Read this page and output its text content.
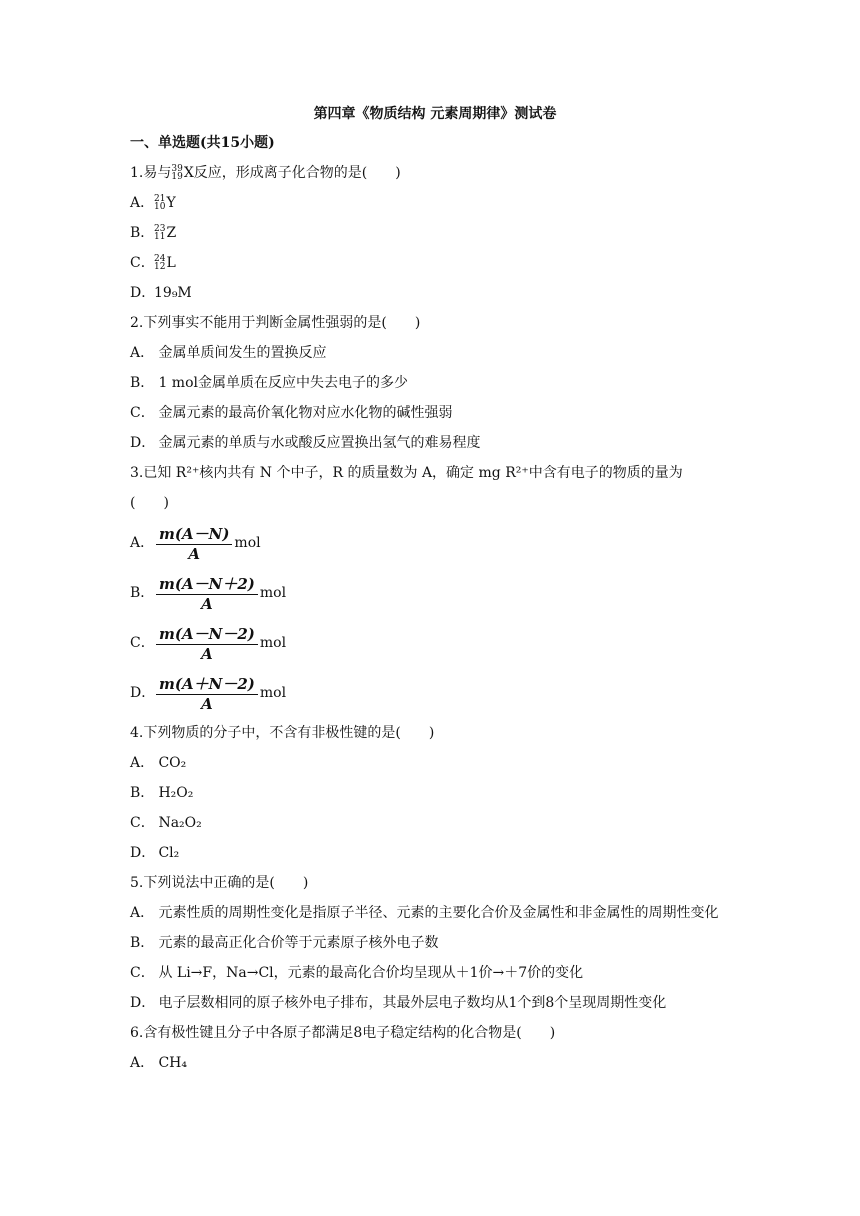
第四章《物质结构 元素周期律》测试卷
一、单选题(共15小题)
1.易与 39
19 X反应，形成离子化合物的是(　　)
A． 21
10 Y
B． 23
11 Z
C． 24
12 L
D．19₉M
2.下列事实不能用于判断金属性强弱的是(　　)
A． 金属单质间发生的置换反应
B． 1 mol金属单质在反应中失去电子的多少
C． 金属元素的最高价氧化物对应水化物的碱性强弱
D． 金属元素的单质与水或酸反应置换出氢气的难易程度
3.已知 R²⁺核内共有 N 个中子，R 的质量数为 A，确定 mg R²⁺中含有电子的物质的量为
(　　)
A． $\frac{m(A-N)}{A}$ mol
B． $\frac{m(A-N+2)}{A}$ mol
C． $\frac{m(A-N-2)}{A}$ mol
D． $\frac{m(A+N-2)}{A}$ mol
4.下列物质的分子中，不含有非极性键的是(　　)
A． CO₂
B． H₂O₂
C． Na₂O₂
D． Cl₂
5.下列说法中正确的是(　　)
A． 元素性质的周期性变化是指原子半径、元素的主要化合价及金属性和非金属性的周期性变化
B． 元素的最高正化合价等于元素原子核外电子数
C． 从 Li→F，Na→Cl，元素的最高化合价均呈现从＋1价→＋7价的变化
D． 电子层数相同的原子核外电子排布，其最外层电子数均从1个到8个呈现周期性变化
6.含有极性键且分子中各原子都满足8电子稳定结构的化合物是(　　)
A． CH₄
